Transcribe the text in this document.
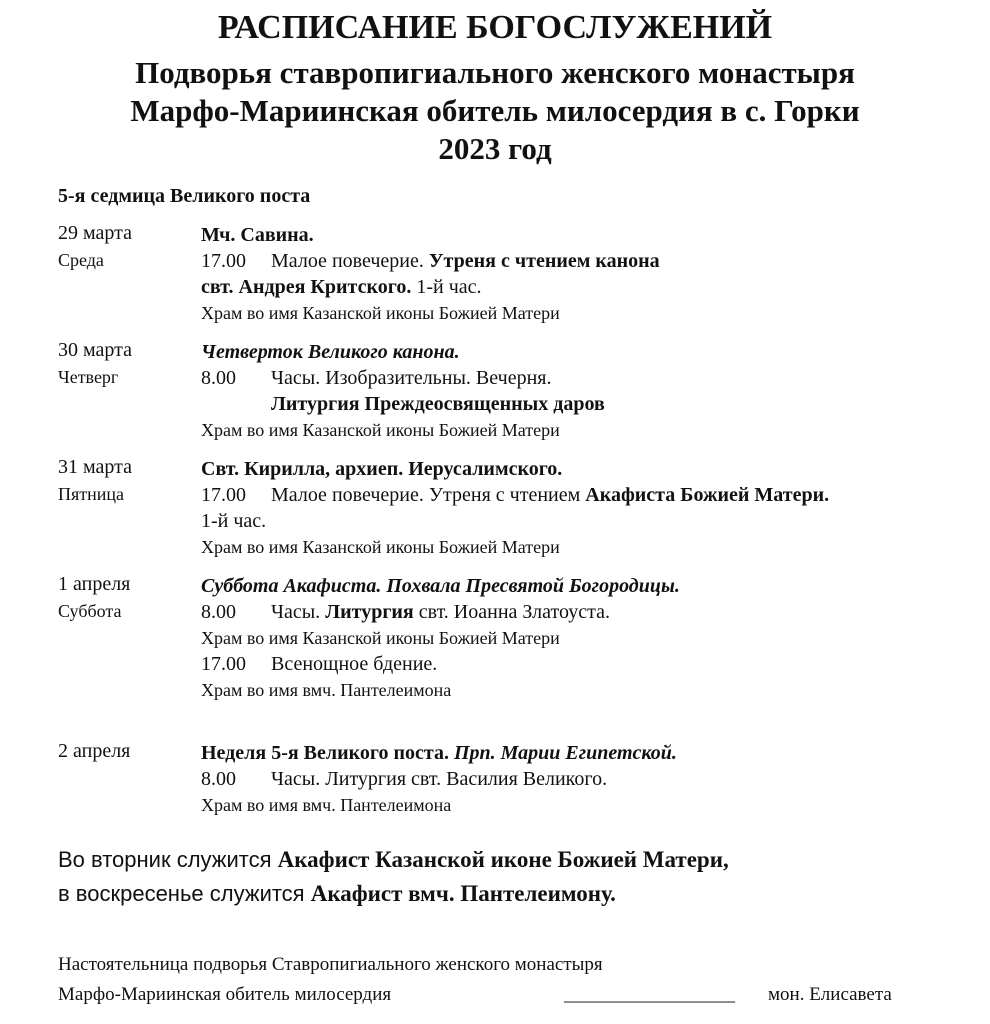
РАСПИСАНИЕ БОГОСЛУЖЕНИЙ
Подворья ставропигиального женского монастыря
Марфо-Мариинская обитель милосердия в с. Горки
2023 год
5-я седмица Великого поста
29 марта
Среда
Мч. Савина.
17.00 Малое повечерие. Утреня с чтением канона
свт. Андрея Критского. 1-й час.
Храм во имя Казанской иконы Божией Матери
30 марта
Четверг
Четверток Великого канона.
8.00 Часы. Изобразительны. Вечерня.
Литургия Преждеосвященных даров
Храм во имя Казанской иконы Божией Матери
31 марта
Пятница
Свт. Кирилла, архиеп. Иерусалимского.
17.00 Малое повечерие. Утреня с чтением Акафиста Божией Матери.
1-й час.
Храм во имя Казанской иконы Божией Матери
1 апреля
Суббота
Суббота Акафиста. Похвала Пресвятой Богородицы.
8.00 Часы. Литургия свт. Иоанна Златоуста.
Храм во имя Казанской иконы Божией Матери
17.00 Всенощное бдение.
Храм во имя вмч. Пантелеимона
2 апреля	Неделя 5-я Великого поста. Прп. Марии Египетской.
8.00 Часы. Литургия свт. Василия Великого.
Храм во имя вмч. Пантелеимона
Во вторник служится Акафист Казанской иконе Божией Матери,
в воскресенье служится Акафист вмч. Пантелеимону.
Настоятельница подворья Ставропигиального женского монастыря
Марфо-Мариинская обитель милосердия	__________________ мон. Елисавета
